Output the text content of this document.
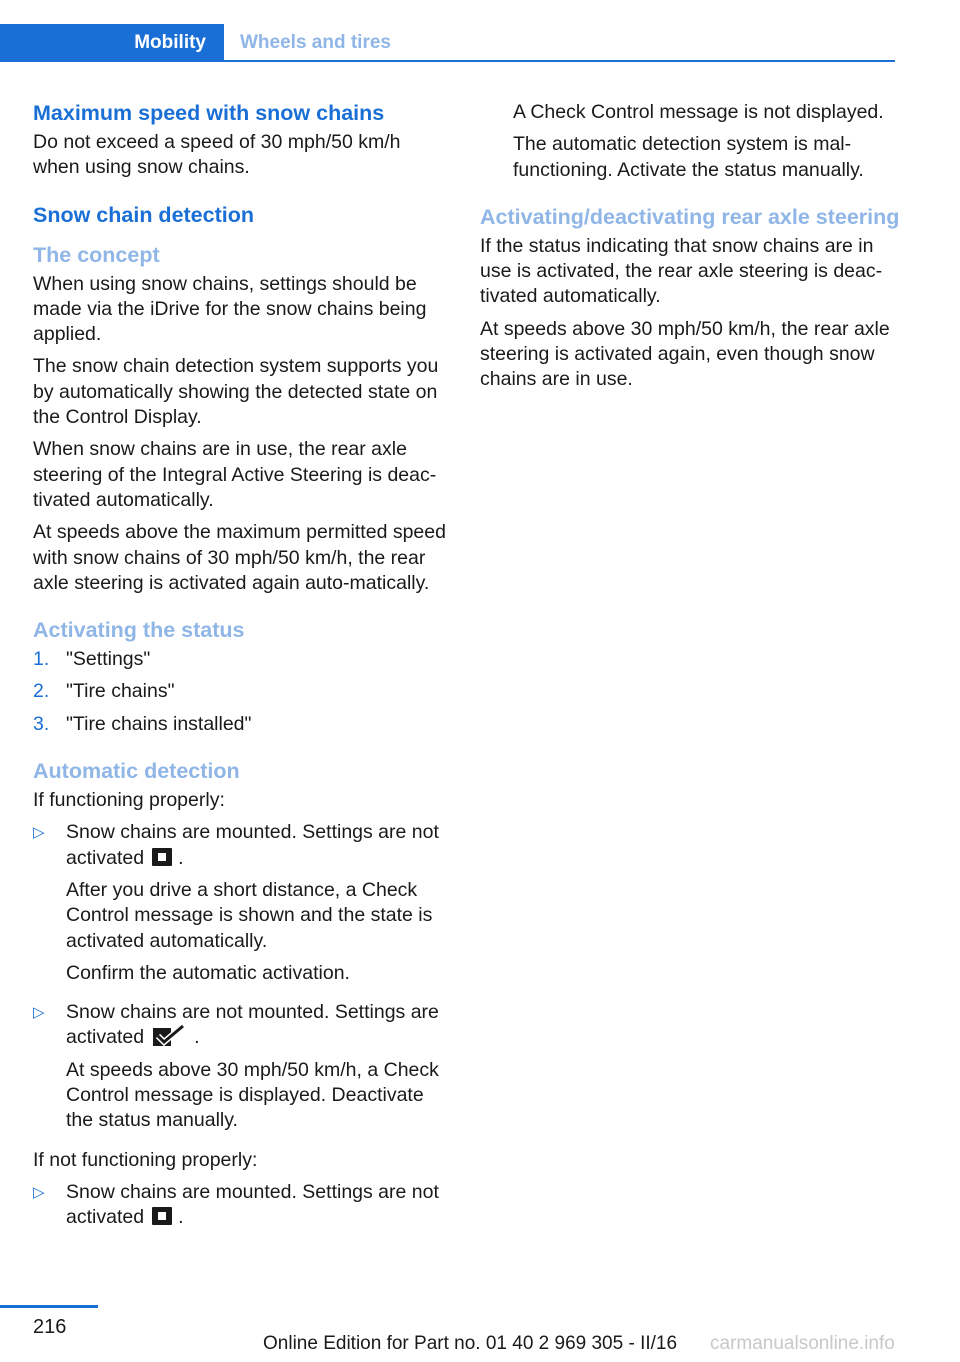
Mobility Wheels and tires
Maximum speed with snow chains

Do not exceed a speed of 30 mph/50 km/h when using snow chains.

Snow chain detection
The concept

When using snow chains, settings should be made via the iDrive for the snow chains being applied.

The snow chain detection system supports you by automatically showing the detected state on the Control Display.

When snow chains are in use, the rear axle steering of the Integral Active Steering is deac‐tivated automatically.

At speeds above the maximum permitted speed with snow chains of 30 mph/50 km/h, the rear axle steering is activated again auto‐matically.

Activating the status
1. "Settings"
2. "Tire chains"
3. "Tire chains installed"
Automatic detection

If functioning properly:

▷	Snow chains are mounted. Settings are not activated .

After you drive a short distance, a Check Control message is shown and the state is activated automatically.

Confirm the automatic activation.

▷	Snow chains are not mounted. Settings are activated	.

At speeds above 30 mph/50 km/h, a Check Control message is displayed. Deactivate the status manually.

If not functioning properly:

▷	Snow chains are mounted. Settings are not activated .

A Check Control message is not displayed.

The automatic detection system is mal‐functioning. Activate the status manually.

Activating/deactivating rear axle steering

If the status indicating that snow chains are in use is activated, the rear axle steering is deac‐tivated automatically.

At speeds above 30 mph/50 km/h, the rear axle steering is activated again, even though snow chains are in use.

216
Online Edition for Part no. 01 40 2 969 305 - II/16 carmanualsonline.info
